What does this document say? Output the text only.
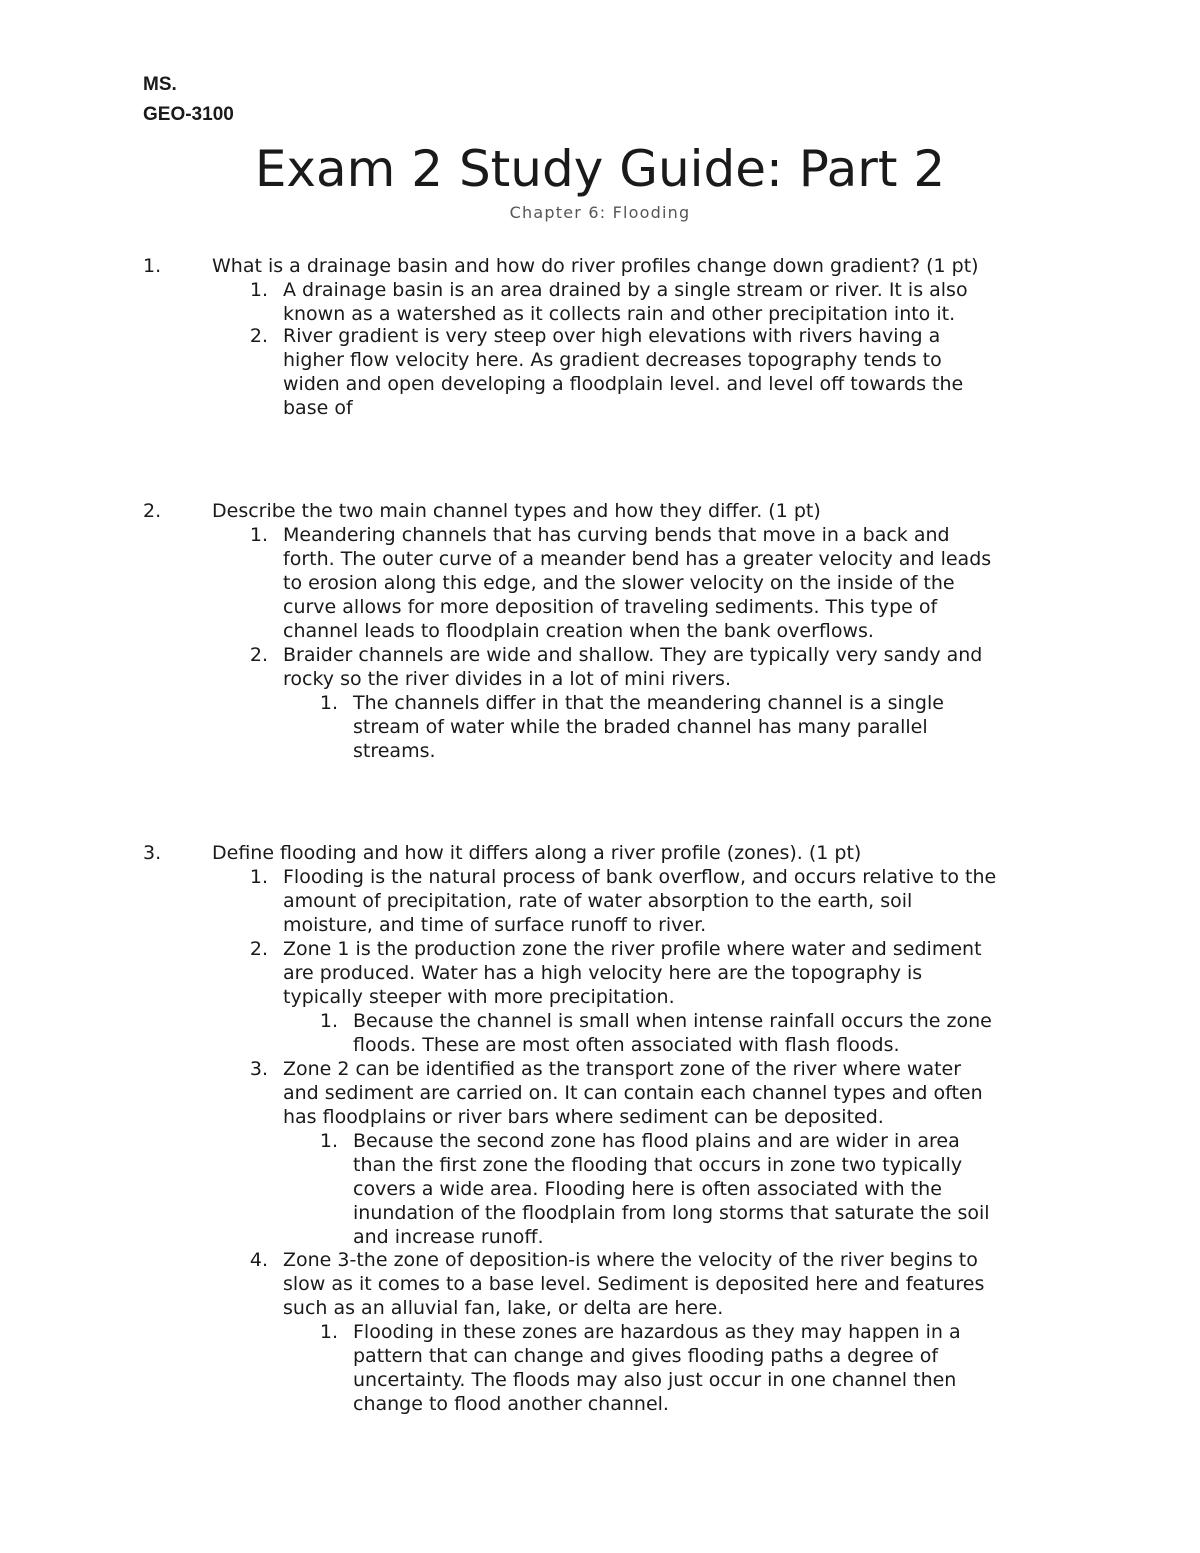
MS.
GEO-3100
Exam 2 Study Guide: Part 2
Chapter 6: Flooding
1.	What is a drainage basin and how do river profiles change down gradient? (1 pt)
1. A drainage basin is an area drained by a single stream or river. It is also
known as a watershed as it collects rain and other precipitation into it.
2. River gradient is very steep over high elevations with rivers having a
higher flow velocity here. As gradient decreases topography tends to
widen and open developing a floodplain level. and level off towards the
base of
2.	Describe the two main channel types and how they differ. (1 pt)
1. Meandering channels that has curving bends that move in a back and
forth. The outer curve of a meander bend has a greater velocity and leads
to erosion along this edge, and the slower velocity on the inside of the
curve allows for more deposition of traveling sediments. This type of
channel leads to floodplain creation when the bank overflows.
2. Braider channels are wide and shallow. They are typically very sandy and
rocky so the river divides in a lot of mini rivers.
1. The channels differ in that the meandering channel is a single
stream of water while the braded channel has many parallel
streams.
3.	Define flooding and how it differs along a river profile (zones). (1 pt)
1. Flooding is the natural process of bank overflow, and occurs relative to the
amount of precipitation, rate of water absorption to the earth, soil
moisture, and time of surface runoff to river.
2. Zone 1 is the production zone the river profile where water and sediment
are produced. Water has a high velocity here are the topography is
typically steeper with more precipitation.
1. Because the channel is small when intense rainfall occurs the zone
floods. These are most often associated with flash floods.
3. Zone 2 can be identified as the transport zone of the river where water
and sediment are carried on. It can contain each channel types and often
has floodplains or river bars where sediment can be deposited.
1. Because the second zone has flood plains and are wider in area
than the first zone the flooding that occurs in zone two typically
covers a wide area. Flooding here is often associated with the
inundation of the floodplain from long storms that saturate the soil
and increase runoff.
4. Zone 3-the zone of deposition-is where the velocity of the river begins to
slow as it comes to a base level. Sediment is deposited here and features
such as an alluvial fan, lake, or delta are here.
1. Flooding in these zones are hazardous as they may happen in a
pattern that can change and gives flooding paths a degree of
uncertainty. The floods may also just occur in one channel then
change to flood another channel.
